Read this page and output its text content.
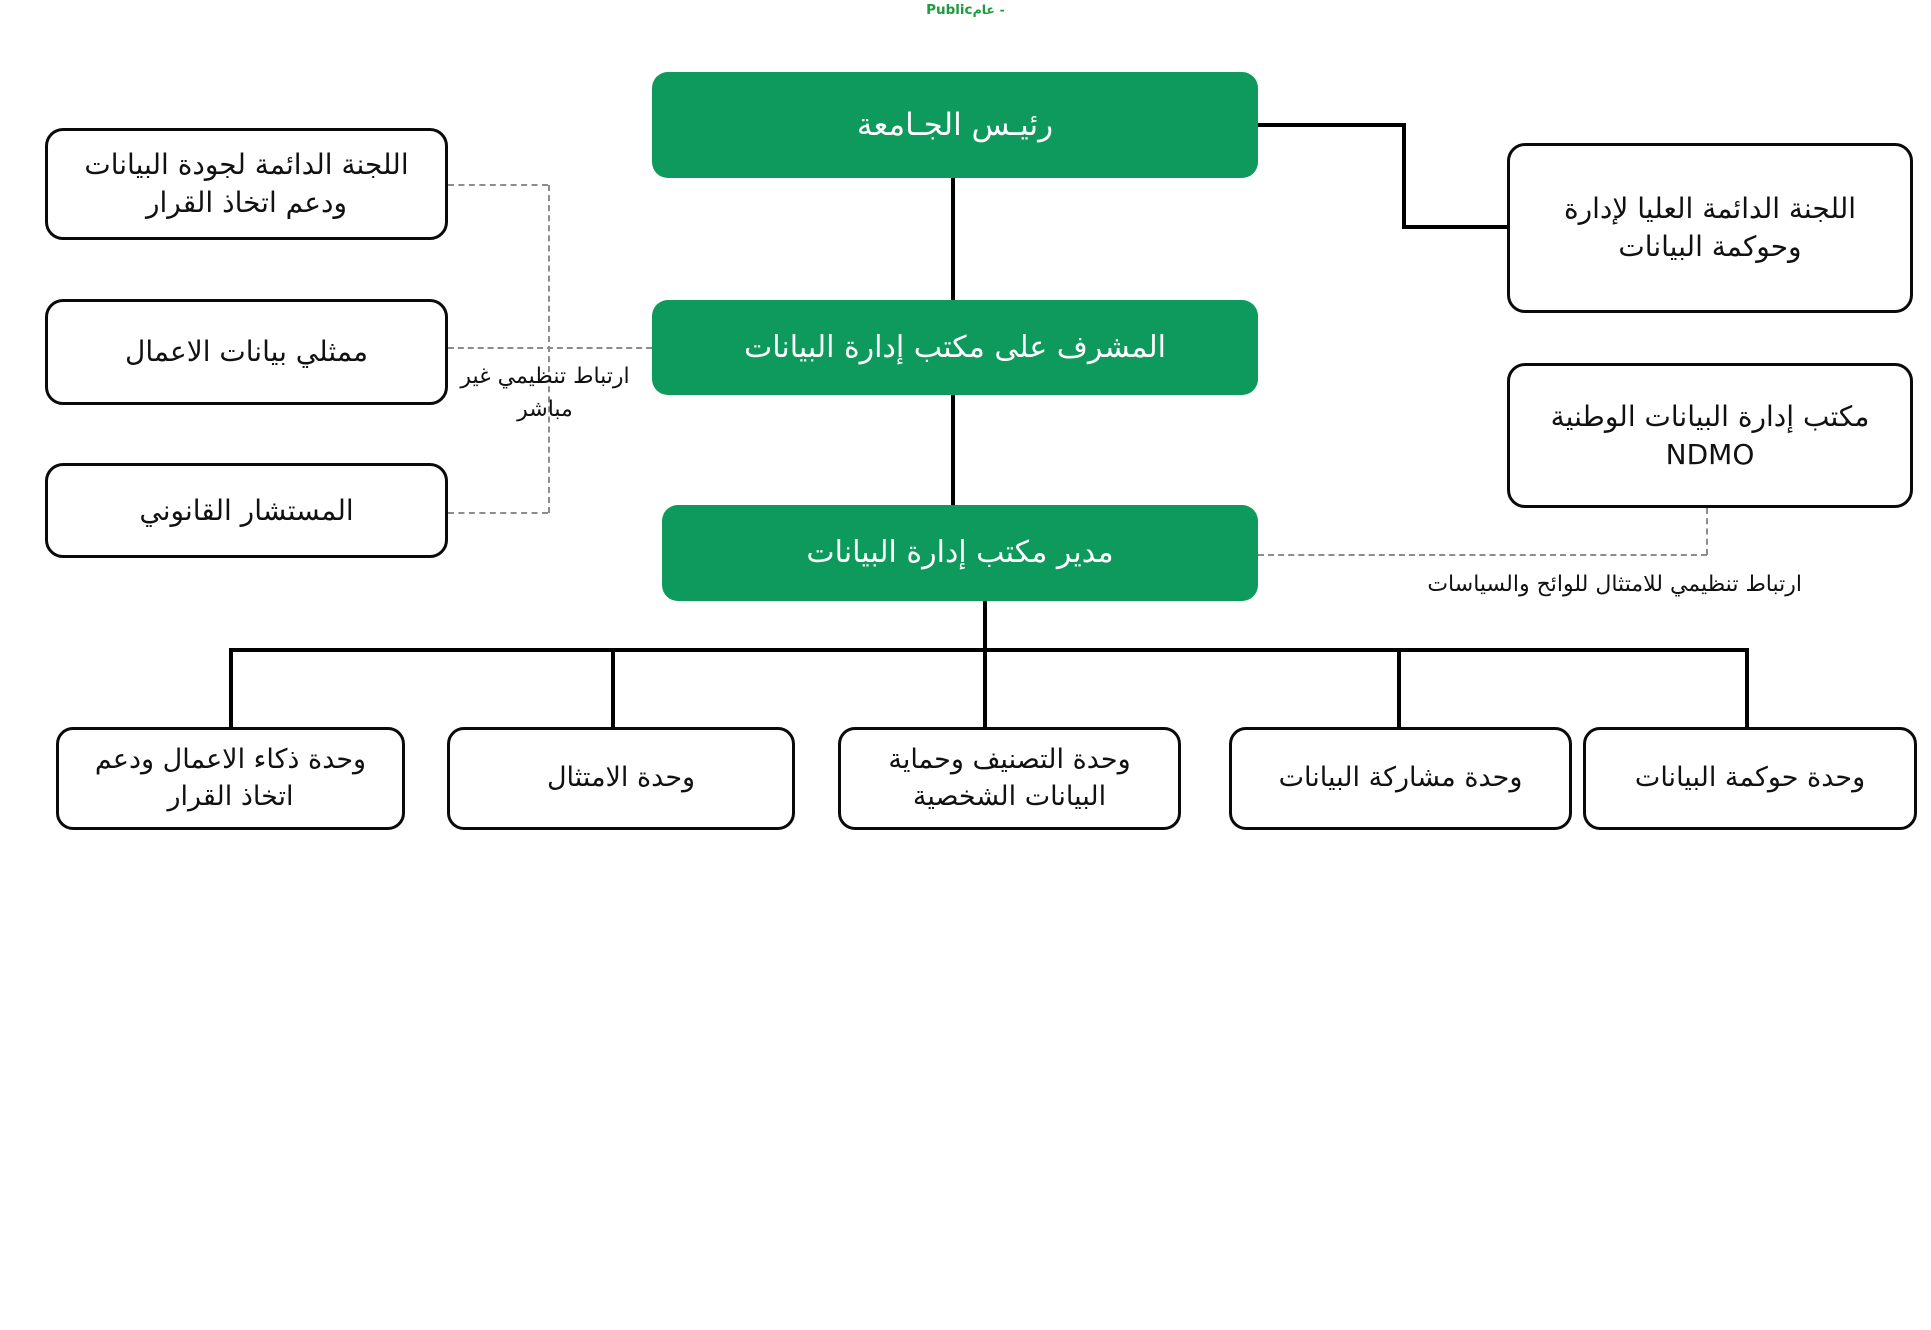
Publicعام -
ارتباط تنظيمي غير مباشر
ارتباط تنظيمي للامتثال للوائح والسياسات
رئيـس الجـامعة
المشرف على مكتب إدارة البيانات
مدير مكتب إدارة البيانات
اللجنة الدائمة لجودة البيانات ودعم اتخاذ القرار
ممثلي بيانات الاعمال
المستشار القانوني
اللجنة الدائمة العليا لإدارة وحوكمة البيانات
مكتب إدارة البيانات الوطنية
NDMO
وحدة ذكاء الاعمال ودعم اتخاذ القرار
وحدة الامتثال
وحدة التصنيف وحماية البيانات الشخصية
وحدة مشاركة البيانات	وحدة حوكمة البيانات
